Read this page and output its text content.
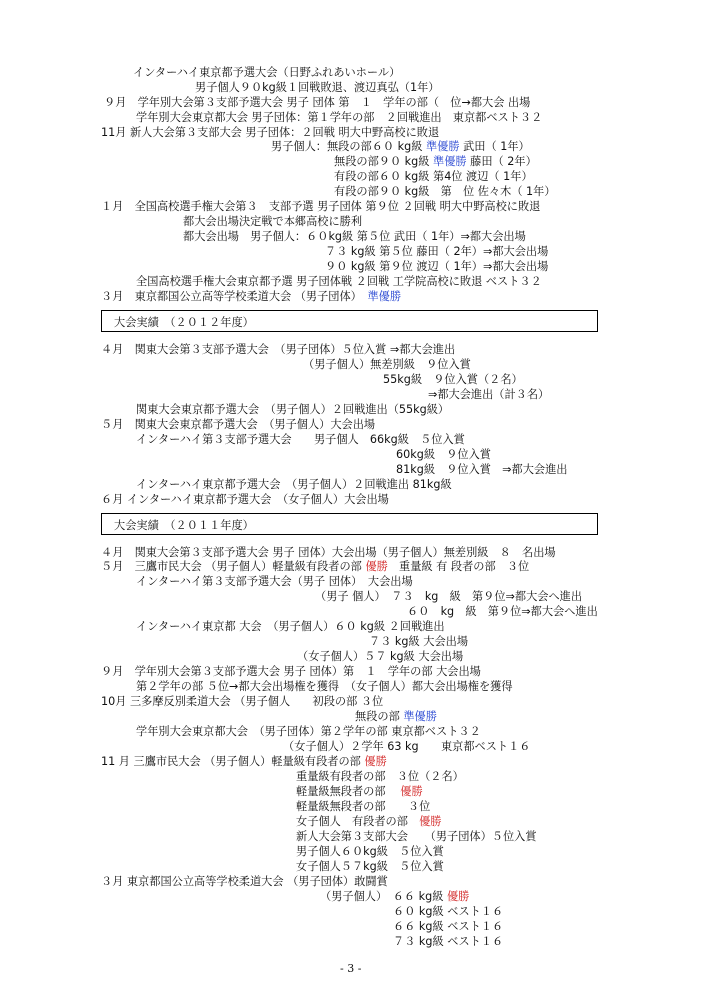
インターハイ東京都予選大会（日野ふれあいホール）
男子個人９０kg級１回戦敗退、渡辺真弘（1年）
９月　学年別大会第３支部予選大会 男子 団体 第　１　学年の部（　位→都大会 出場
学年別大会東京都大会 男子団体：第１学年の部　２回戦進出　東京都ベスト３２
11月 新人大会第３支部大会 男子団体：２回戦 明大中野高校に敗退
男子個人：無段の部６０ kg級 準優勝 武田（ 1年）
無段の部９０ kg級 準優勝 藤田（ 2年）
有段の部６０ kg級 第4位 渡辺（ 1年）
有段の部９０ kg級　第　位 佐々木（ 1年）
１月　全国高校選手権大会第３　支部予選 男子団体 第９位 ２回戦 明大中野高校に敗退
都大会出場決定戦で本郷高校に勝利
都大会出場　男子個人：６０kg級 第５位 武田（ 1年）⇒都大会出場
７３ kg級 第５位 藤田（ 2年）⇒都大会出場
９０ kg級 第９位 渡辺（ 1年）⇒都大会出場
全国高校選手権大会東京都予選 男子団体戦 ２回戦 工学院高校に敗退 ベスト３２
３月　東京都国公立高等学校柔道大会 （男子団体）　準優勝
大会実績　（２０１２年度）
４月　関東大会第３支部予選大会　（男子団体）５位入賞 ⇒都大会進出
（男子個人）無差別級　９位入賞
55kg級　９位入賞（２名）
⇒都大会進出（計３名）
関東大会東京都予選大会　（男子個人）２回戦進出（55kg級）
５月　関東大会東京都予選大会　（男子個人）大会出場
インターハイ第３支部予選大会　　男子個人　66kg級　５位入賞
60kg級　９位入賞
81kg級　９位入賞　⇒都大会進出
インターハイ東京都予選大会　（男子個人）２回戦進出 81kg級
６月 インターハイ東京都予選大会　（女子個人）大会出場
大会実績　（２０１１年度）
４月　関東大会第３支部予選大会 男子 団体）大会出場（男子個人）無差別級　８　名出場
５月　三鷹市民大会 （男子個人）軽量級有段者の部 優勝　重量級 有 段者の部　３位
インターハイ第３支部予選大会（男子 団体）　大会出場
（男子 個人）　７３　kg　級　第９位⇒都大会へ進出
６０　kg　級　第９位⇒都大会へ進出
インターハイ東京都 大会　（男子個人）６０ kg級 ２回戦進出
７３ kg級 大会出場
（女子個人）５７ kg級 大会出場
９月　学年別大会第３支部予選大会 男子 団体）第　１　学年の部 大会出場
第２学年の部 ５位→都大会出場権を獲得　（女子個人）都大会出場権を獲得
10月 三多摩反別柔道大会 （男子個人　　初段の部 ３位
無段の部 準優勝
学年別大会東京都大会　（男子団体）第２学年の部 東京都ベスト３２
（女子個人）２学年 63 kg　　東京都ベスト１６
11 月 三鷹市民大会 （男子個人）軽量級有段者の部 優勝
重量級有段者の部　３位（２名）
軽量級無段者の部　 優勝
軽量級無段者の部　　３位
女子個人　有段者の部　優勝
新人大会第３支部大会　　（男子団体）５位入賞
男子個人６０kg級　５位入賞
女子個人５７kg級　５位入賞
３月 東京都国公立高等学校柔道大会 （男子団体）敢闘賞
（男子個人）　６６ kg級 優勝
６０ kg級 ベスト１６
６６ kg級 ベスト１６
７３ kg級 ベスト１６
- 3 -
